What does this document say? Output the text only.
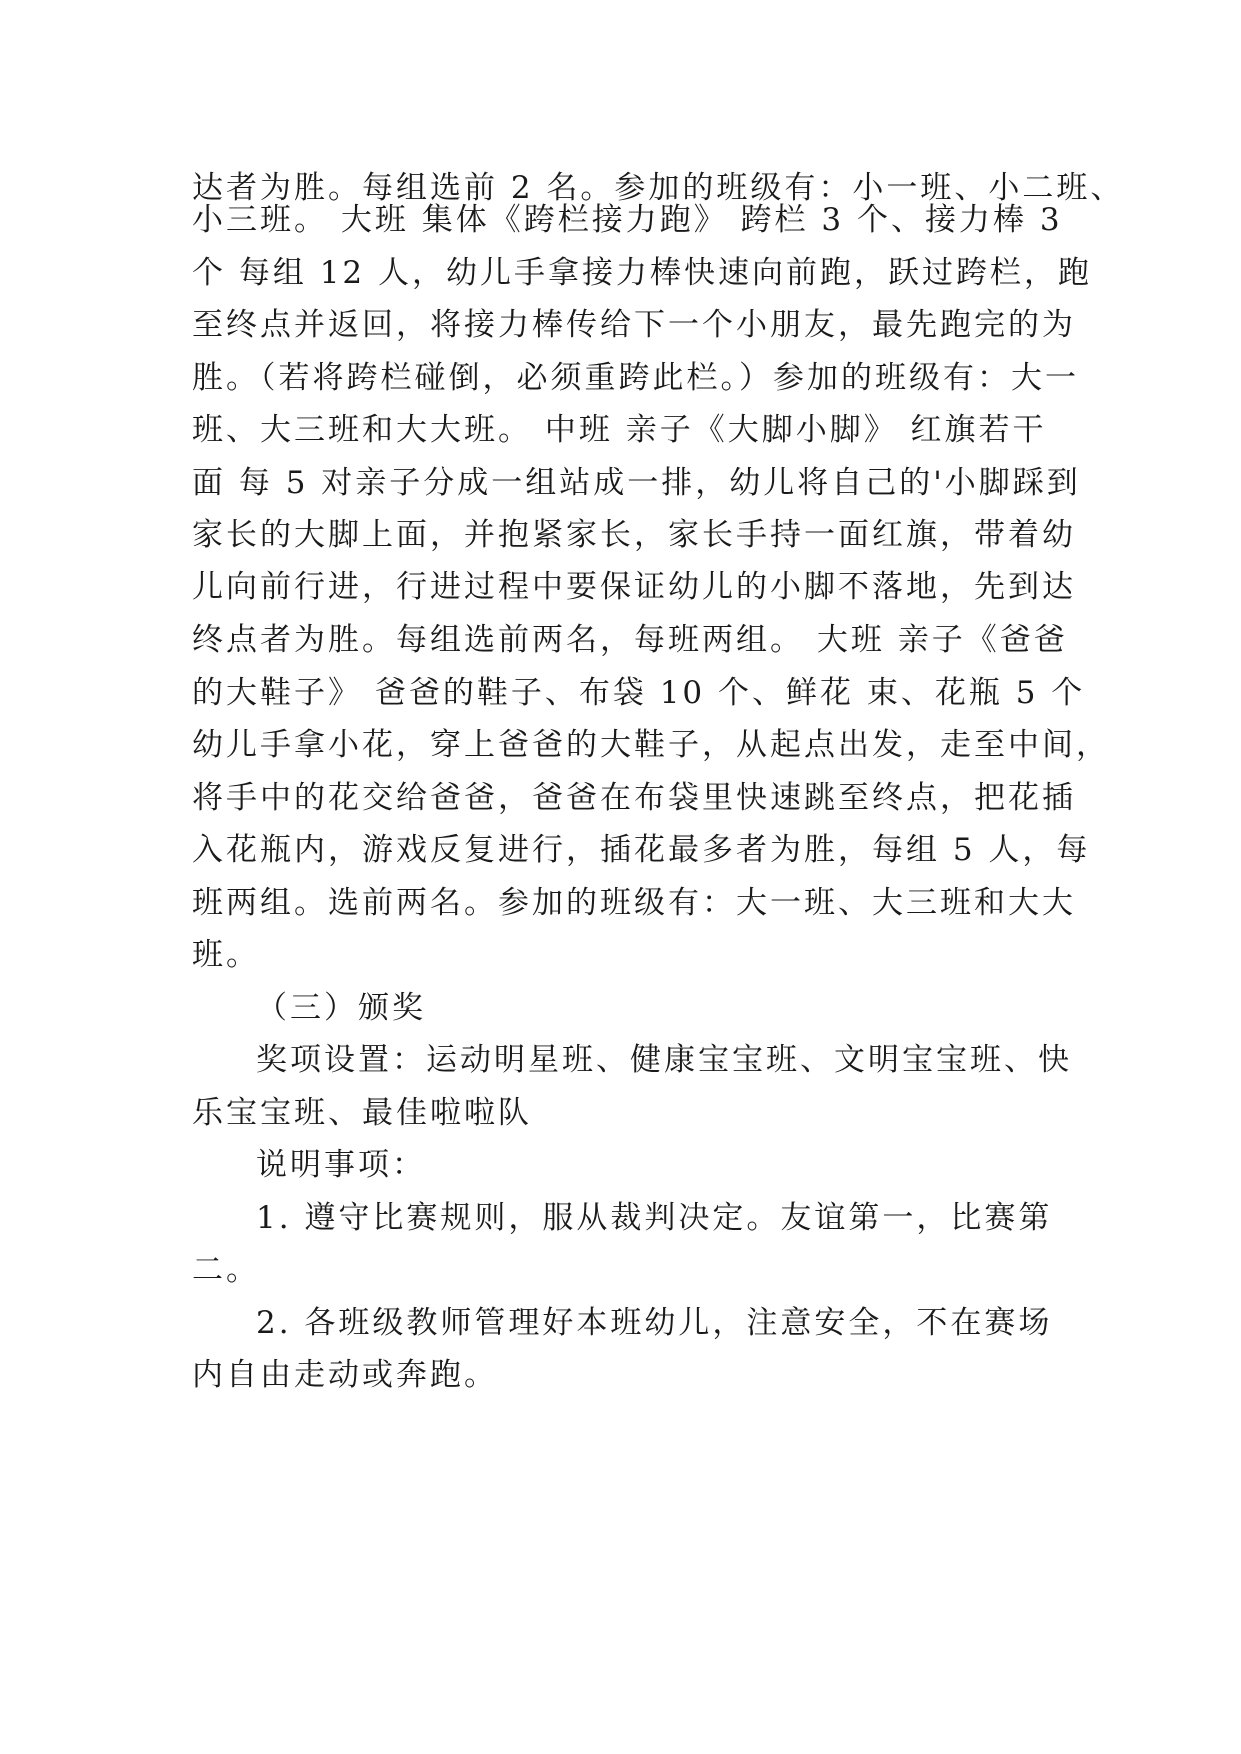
达者为胜。每组选前 2 名。参加的班级有：小一班、小二班、
小三班。 大班 集体《跨栏接力跑》 跨栏 3 个、接力棒 3
个 每组 12 人，幼儿手拿接力棒快速向前跑，跃过跨栏，跑
至终点并返回，将接力棒传给下一个小朋友，最先跑完的为
胜。（若将跨栏碰倒，必须重跨此栏。）参加的班级有：大一
班、大三班和大大班。 中班 亲子《大脚小脚》 红旗若干
面 每 5 对亲子分成一组站成一排，幼儿将自己的'小脚踩到
家长的大脚上面，并抱紧家长，家长手持一面红旗，带着幼
儿向前行进，行进过程中要保证幼儿的小脚不落地，先到达
终点者为胜。每组选前两名，每班两组。 大班 亲子《爸爸
的大鞋子》 爸爸的鞋子、布袋 10 个、鲜花 束、花瓶 5 个
幼儿手拿小花，穿上爸爸的大鞋子，从起点出发，走至中间，
将手中的花交给爸爸，爸爸在布袋里快速跳至终点，把花插
入花瓶内，游戏反复进行，插花最多者为胜，每组 5 人，每
班两组。选前两名。参加的班级有：大一班、大三班和大大
班。
（三）颁奖
奖项设置：运动明星班、健康宝宝班、文明宝宝班、快
乐宝宝班、最佳啦啦队
说明事项：
1. 遵守比赛规则，服从裁判决定。友谊第一，比赛第
二。
2. 各班级教师管理好本班幼儿，注意安全，不在赛场
内自由走动或奔跑。
